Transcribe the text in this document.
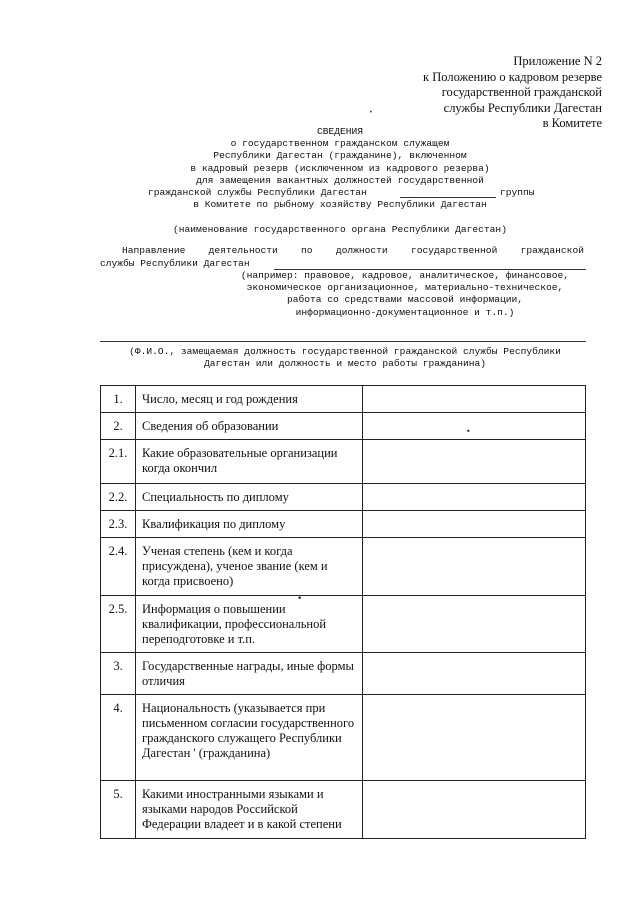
Приложение N 2
к Положению о кадровом резерве
государственной гражданской
службы Республики Дагестан
в Комитете
СВЕДЕНИЯ
о государственном гражданском служащем
Республики Дагестан (гражданине), включенном
в кадровый резерв (исключенном из кадрового резерва)
для замещения вакантных должностей государственной
гражданской службы Республики Дагестан	группы
в Комитете по рыбному хозяйству Республики Дагестан
(наименование государственного органа Республики Дагестан)
Направление деятельности по должности государственной гражданской
службы Республики Дагестан
(например: правовое, кадровое, аналитическое, финансовое,
экономическое организационное, материально-техническое,
работа со средствами массовой информации,
информационно-документационное и т.п.)
(Ф.И.О., замещаемая должность государственной гражданской службы Республики
Дагестан или должность и место работы гражданина)
1.	Число, месяц и год рождения	
2.	Сведения об образовании	
2.1.	Какие образовательные организации когда окончил	
2.2.	Специальность по диплому	
2.3.	Квалификация по диплому	
2.4.	Ученая степень (кем и когда присуждена), ученое звание (кем и когда присвоено)	
2.5.	Информация о повышении квалификации, профессиональной переподготовке и т.п.	
3.	Государственные награды, иные формы отличия	
4.	Национальность (указывается при письменном согласии государственного гражданского служащего Республики Дагестан ' (гражданина)	
5.	Какими иностранными языками и языками народов Российской Федерации владеет и в какой степени	
•
•
•
